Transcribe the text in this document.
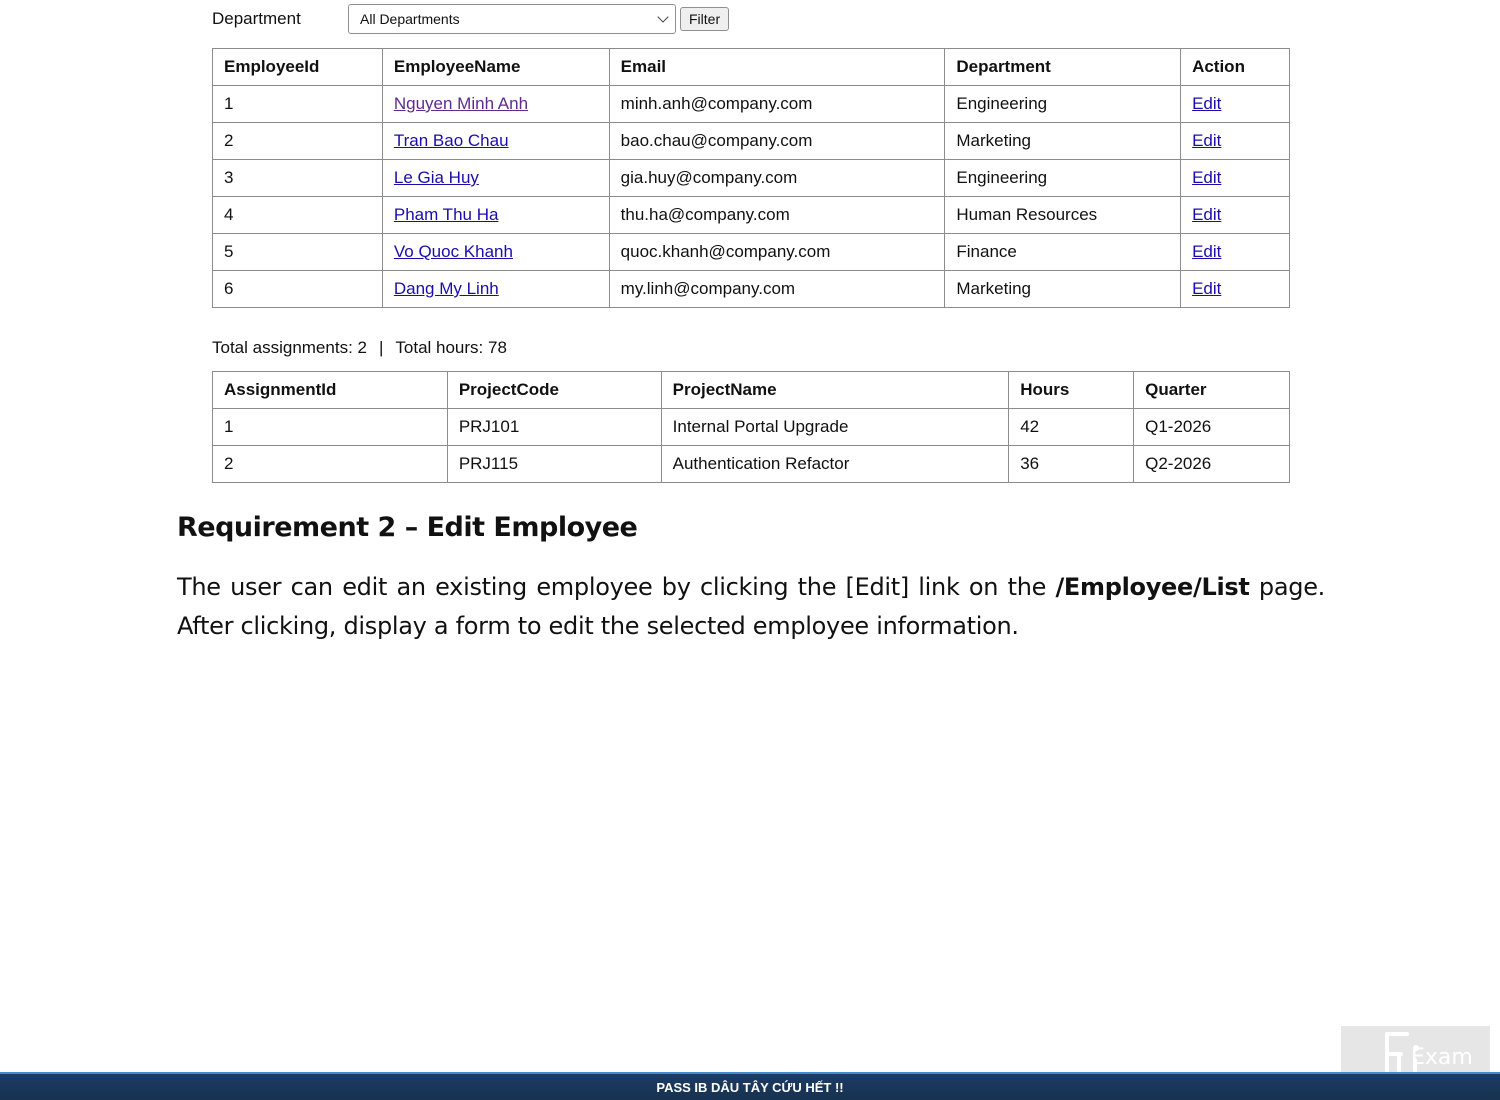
Department	All Departments	Filter
EmployeeId	EmployeeName	Email	Department	Action
1	Nguyen Minh Anh	minh.anh@company.com	Engineering	Edit
2	Tran Bao Chau	bao.chau@company.com	Marketing	Edit
3	Le Gia Huy	gia.huy@company.com	Engineering	Edit
4	Pham Thu Ha	thu.ha@company.com	Human Resources	Edit
5	Vo Quoc Khanh	quoc.khanh@company.com	Finance	Edit
6	Dang My Linh	my.linh@company.com	Marketing	Edit
Total assignments: 2 | Total hours: 78
AssignmentId	ProjectCode	ProjectName	Hours	Quarter
1	PRJ101	Internal Portal Upgrade	42	Q1-2026
2	PRJ115	Authentication Refactor	36	Q2-2026
Requirement 2 – Edit Employee
The user can edit an existing employee by clicking the [Edit] link on the /Employee/List page. After clicking, display a form to edit the selected employee information.
Exam
PASS IB DÂU TÂY CỨU HẾT !!
